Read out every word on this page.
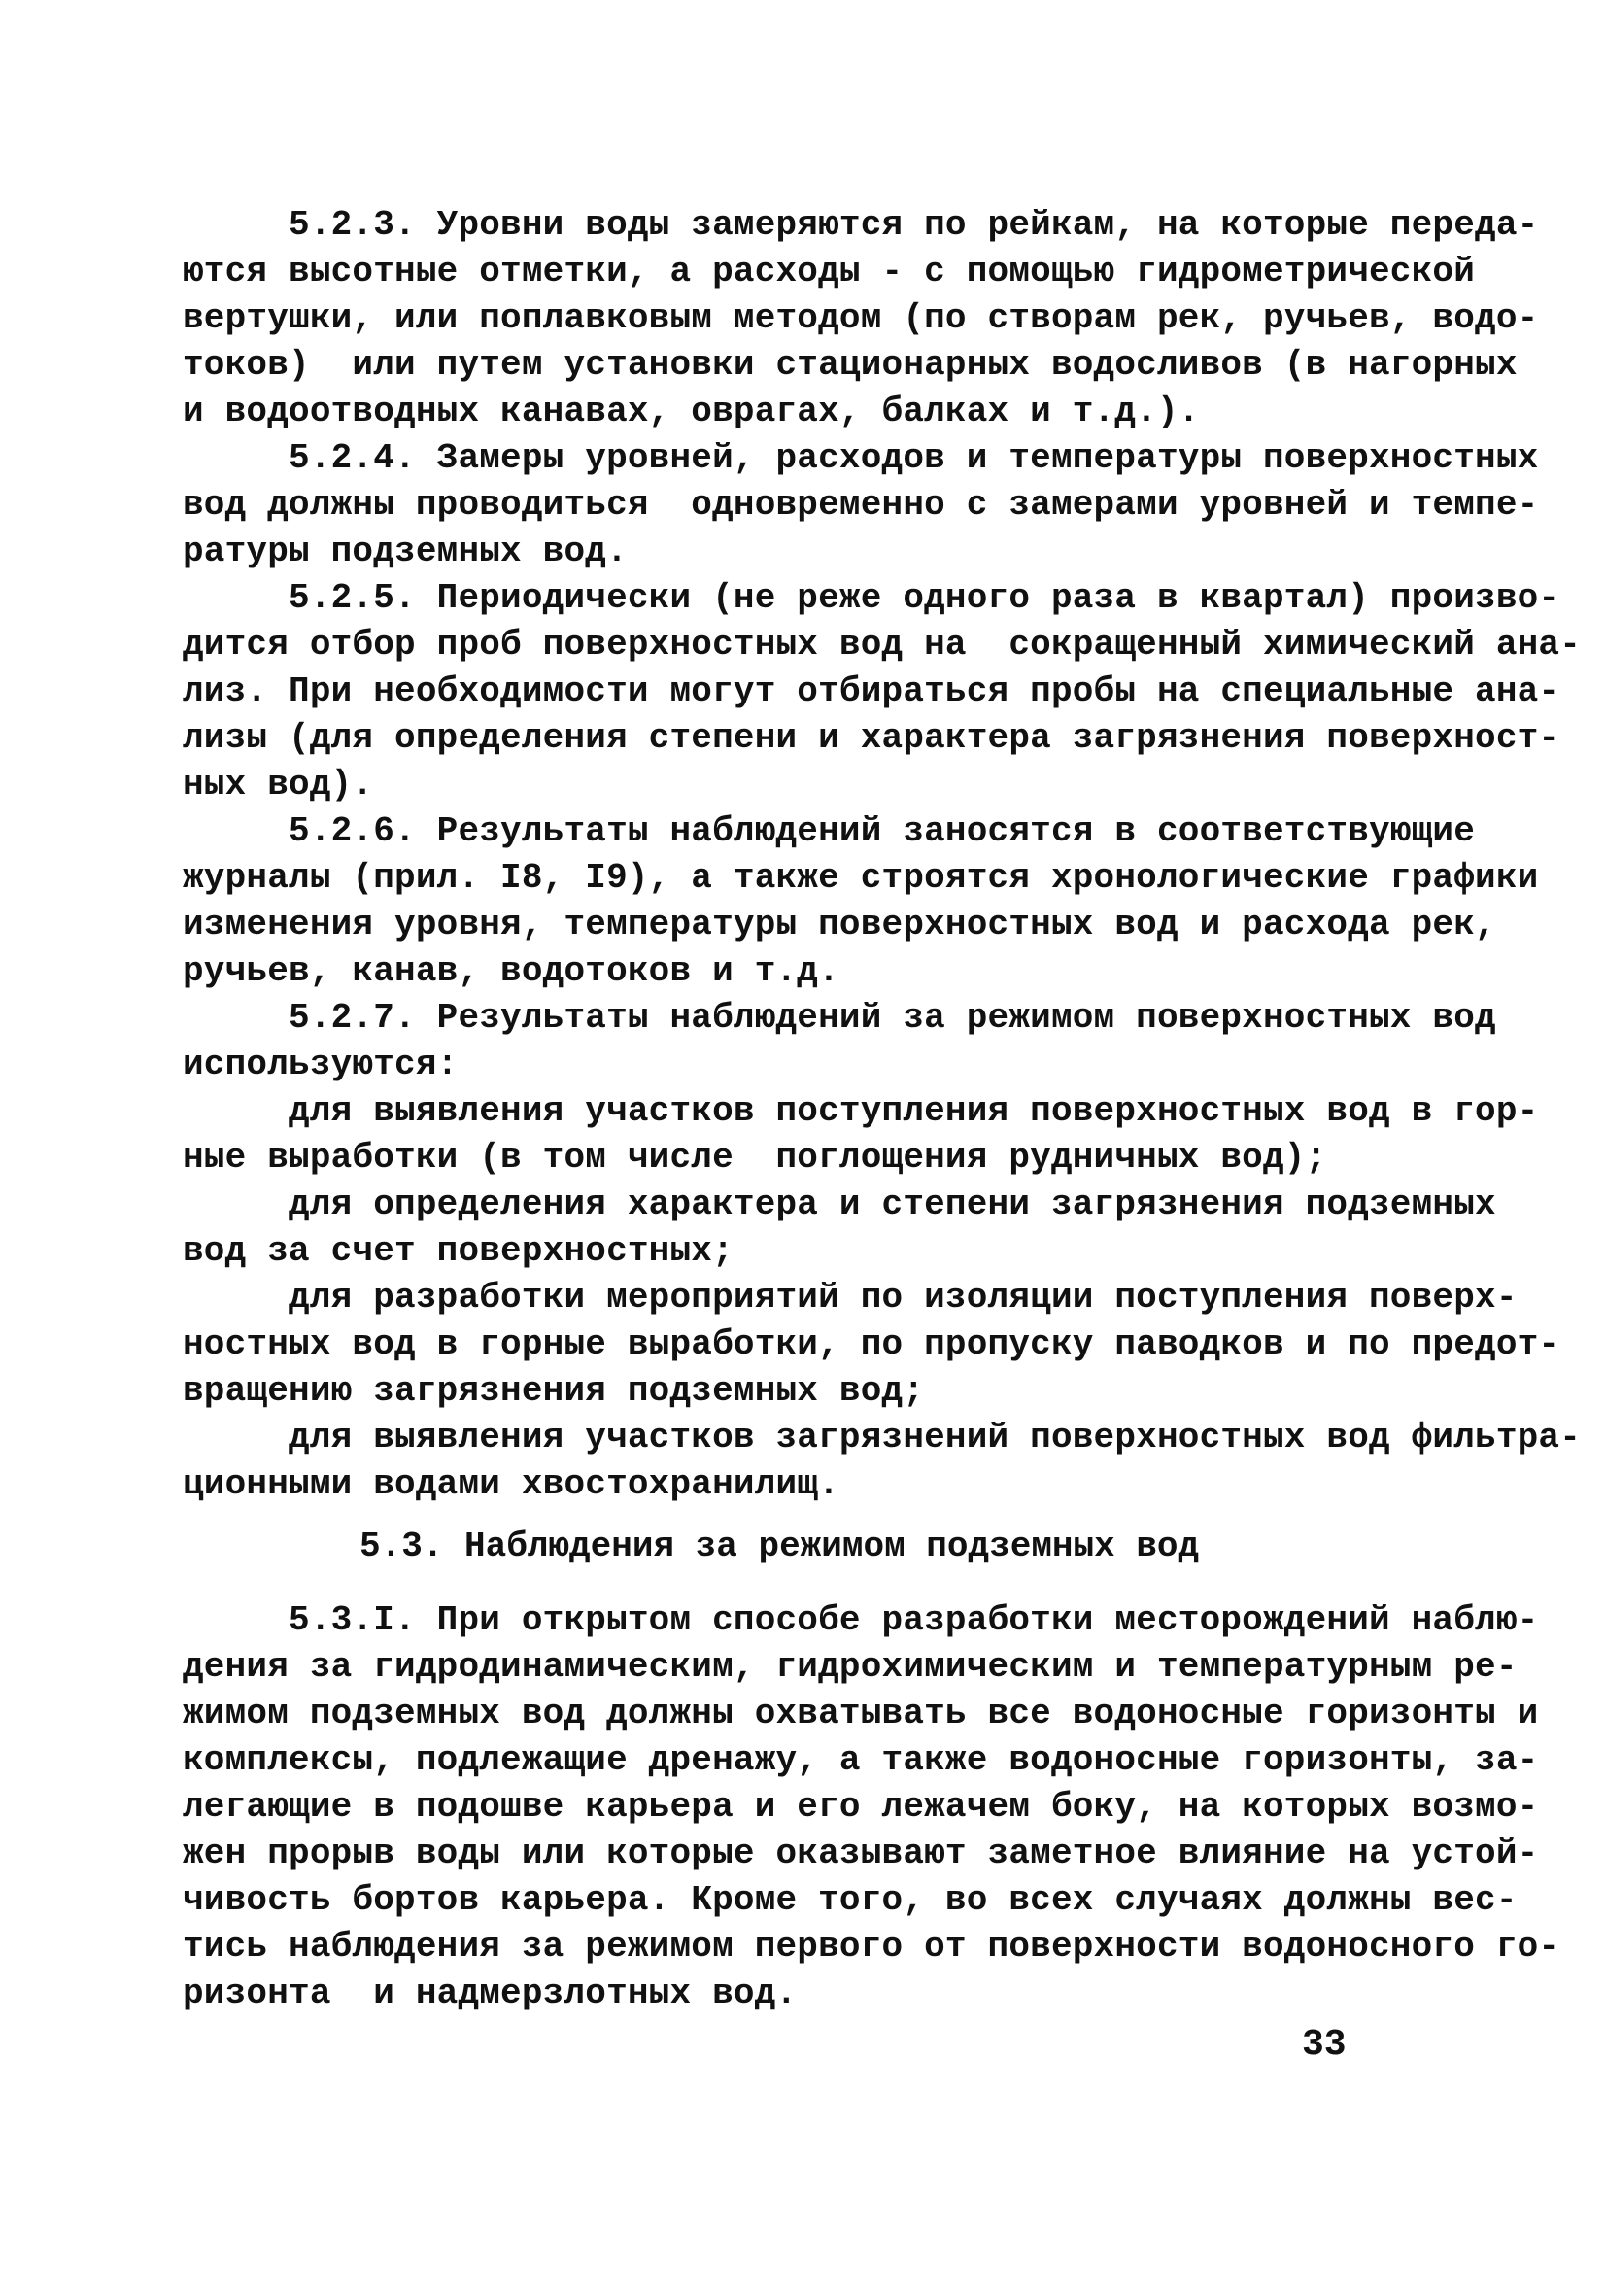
5.2.3. Уровни воды замеряются по рейкам, на которые переда-
ются высотные отметки, а расходы - с помощью гидрометрической
вертушки, или поплавковым методом (по створам рек, ручьев, водо-
токов)  или путем установки стационарных водосливов (в нагорных
и водоотводных канавах, оврагах, балках и т.д.).
5.2.4. Замеры уровней, расходов и температуры поверхностных
вод должны проводиться  одновременно с замерами уровней и темпе-
ратуры подземных вод.
5.2.5. Периодически (не реже одного раза в квартал) произво-
дится отбор проб поверхностных вод на  сокращенный химический ана-
лиз. При необходимости могут отбираться пробы на специальные ана-
лизы (для определения степени и характера загрязнения поверхност-
ных вод).
5.2.6. Результаты наблюдений заносятся в соответствующие
журналы (прил. I8, I9), а также строятся хронологические графики
изменения уровня, температуры поверхностных вод и расхода рек,
ручьев, канав, водотоков и т.д.
5.2.7. Результаты наблюдений за режимом поверхностных вод
используются:
для выявления участков поступления поверхностных вод в гор-
ные выработки (в том числе  поглощения рудничных вод);
для определения характера и степени загрязнения подземных
вод за счет поверхностных;
для разработки мероприятий по изоляции поступления поверх-
ностных вод в горные выработки, по пропуску паводков и по предот-
вращению загрязнения подземных вод;
для выявления участков загрязнений поверхностных вод фильтра-
ционными водами хвостохранилищ.
5.3. Наблюдения за режимом подземных вод
5.3.I. При открытом способе разработки месторождений наблю-
дения за гидродинамическим, гидрохимическим и температурным ре-
жимом подземных вод должны охватывать все водоносные горизонты и
комплексы, подлежащие дренажу, а также водоносные горизонты, за-
легающие в подошве карьера и его лежачем боку, на которых возмо-
жен прорыв воды или которые оказывают заметное влияние на устой-
чивость бортов карьера. Кроме того, во всех случаях должны вес-
тись наблюдения за режимом первого от поверхности водоносного го-
ризонта  и надмерзлотных вод.
33
